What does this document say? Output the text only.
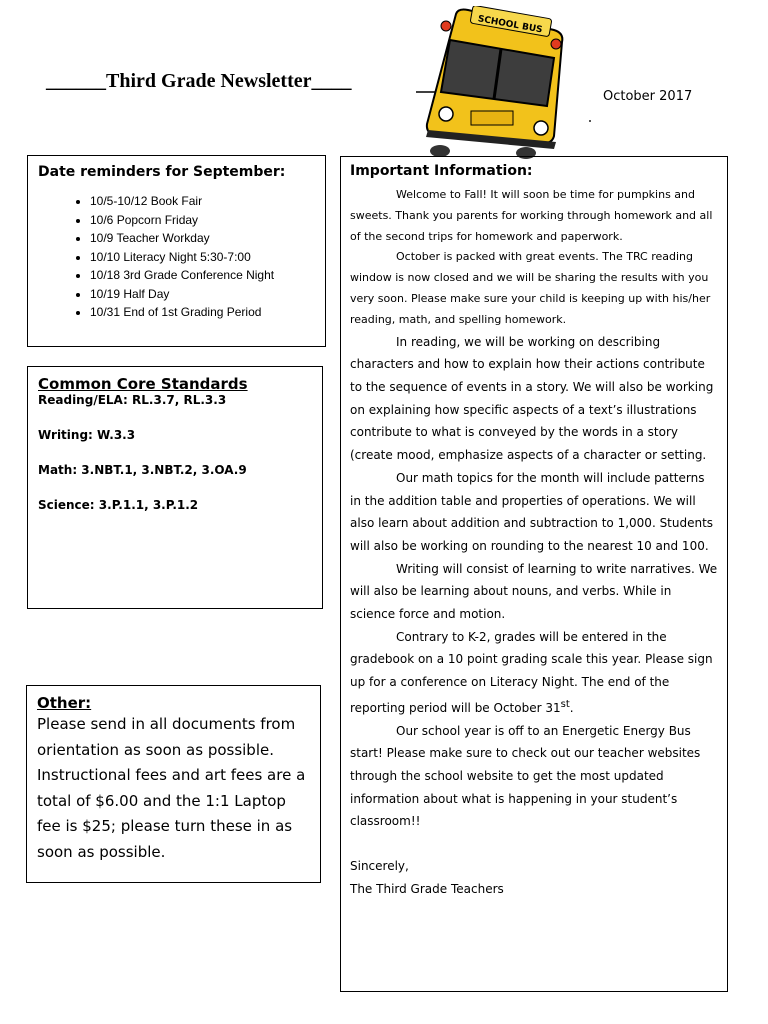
______Third Grade Newsletter____
October 2017
SCHOOL BUS
Date reminders for September:
• 10/5-10/12 Book Fair
• 10/6 Popcorn Friday
• 10/9 Teacher Workday
• 10/10 Literacy Night 5:30-7:00
• 10/18 3rd Grade Conference Night
• 10/19 Half Day
• 10/31 End of 1st Grading Period
Common Core Standards

Reading/ELA: RL.3.7, RL.3.3

Writing: W.3.3

Math: 3.NBT.1, 3.NBT.2, 3.OA.9

Science: 3.P.1.1, 3.P.1.2

Other:

Please send in all documents from orientation as soon as possible. Instructional fees and art fees are a total of $6.00 and the 1:1 Laptop fee is $25; please turn these in as soon as possible.

Important Information:

Welcome to Fall! It will soon be time for pumpkins and sweets. Thank you parents for working through homework and all of the second trips for homework and paperwork.

October is packed with great events. The TRC reading window is now closed and we will be sharing the results with you very soon. Please make sure your child is keeping up with his/her reading, math, and spelling homework.

In reading, we will be working on describing characters and how to explain how their actions contribute to the sequence of events in a story. We will also be working on explaining how specific aspects of a text’s illustrations contribute to what is conveyed by the words in a story (create mood, emphasize aspects of a character or setting.

Our math topics for the month will include patterns in the addition table and properties of operations. We will also learn about addition and subtraction to 1,000. Students will also be working on rounding to the nearest 10 and 100.

Writing will consist of learning to write narratives. We will also be learning about nouns, and verbs. While in science force and motion.

Contrary to K-2, grades will be entered in the gradebook on a 10 point grading scale this year. Please sign up for a conference on Literacy Night. The end of the reporting period will be October 31st.

Our school year is off to an Energetic Energy Bus start! Please make sure to check out our teacher websites through the school website to get the most updated information about what is happening in your student’s classroom!!

Sincerely,

The Third Grade Teachers
